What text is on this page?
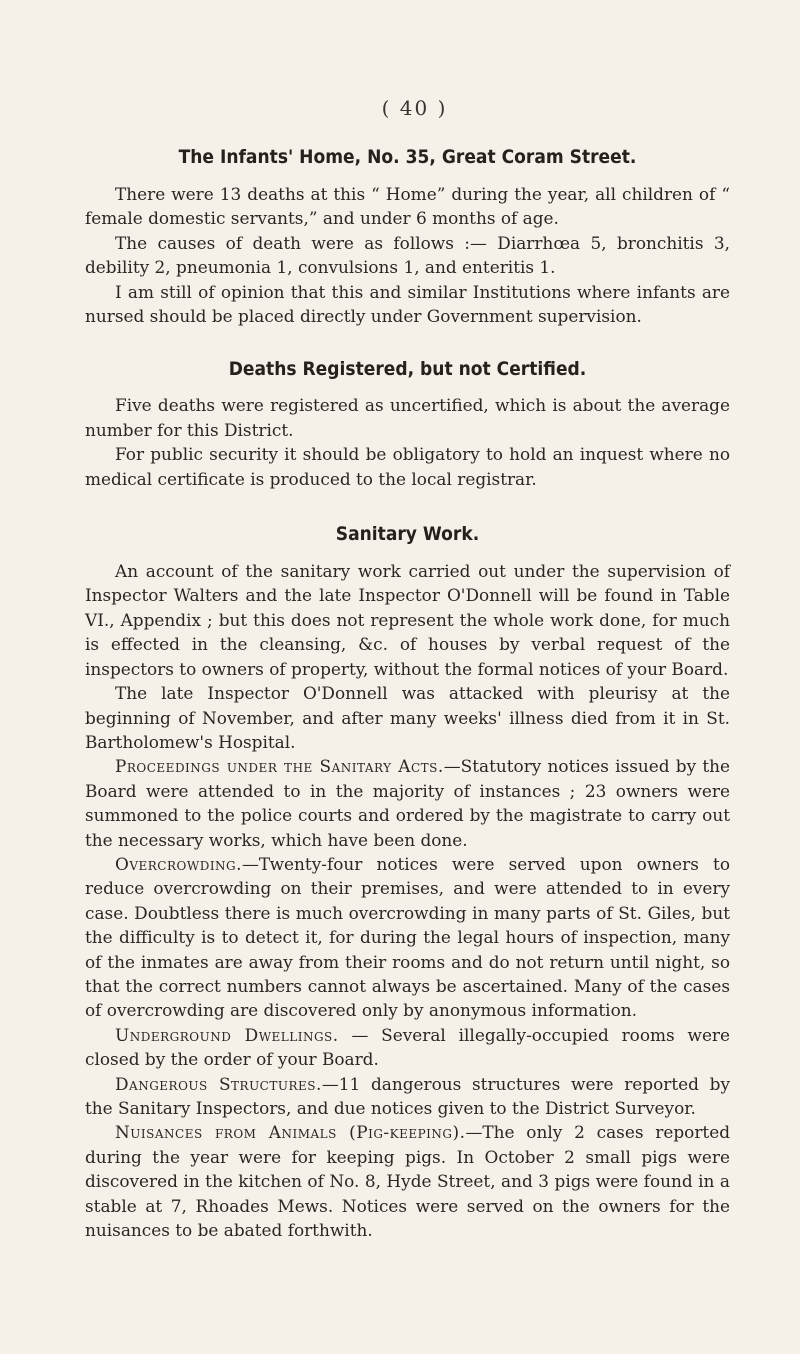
( 40 )
The Infants' Home, No. 35, Great Coram Street.

There were 13 deaths at this “ Home” during the year, all children of “ female domestic servants,” and under 6 months of age.

The causes of death were as follows :— Diarrhœa 5, bronchitis 3, debility 2, pneumonia 1, convulsions 1, and enteritis 1.

I am still of opinion that this and similar Institutions where infants are nursed should be placed directly under Government supervision.

Deaths Registered, but not Certified.

Five deaths were registered as uncertified, which is about the average number for this District.

For public security it should be obligatory to hold an inquest where no medical certificate is produced to the local registrar.

Sanitary Work.

An account of the sanitary work carried out under the supervision of Inspector Walters and the late Inspector O'Donnell will be found in Table VI., Appendix ; but this does not represent the whole work done, for much is effected in the cleansing, &c. of houses by verbal request of the inspectors to owners of property, without the formal notices of your Board.

The late Inspector O'Donnell was attacked with pleurisy at the beginning of November, and after many weeks' illness died from it in St. Bartholomew's Hospital.

Proceedings under the Sanitary Acts.—Statutory notices issued by the Board were attended to in the majority of instances ; 23 owners were summoned to the police courts and ordered by the magistrate to carry out the necessary works, which have been done.

Overcrowding.—Twenty-four notices were served upon owners to reduce overcrowding on their premises, and were attended to in every case. Doubtless there is much overcrowding in many parts of St. Giles, but the difficulty is to detect it, for during the legal hours of inspection, many of the inmates are away from their rooms and do not return until night, so that the correct numbers cannot always be ascertained. Many of the cases of overcrowding are discovered only by anonymous information.

Underground Dwellings. — Several illegally-occupied rooms were closed by the order of your Board.

Dangerous Structures.—11 dangerous structures were reported by the Sanitary Inspectors, and due notices given to the District Surveyor.

Nuisances from Animals (Pig-keeping).—The only 2 cases reported during the year were for keeping pigs. In October 2 small pigs were discovered in the kitchen of No. 8, Hyde Street, and 3 pigs were found in a stable at 7, Rhoades Mews. Notices were served on the owners for the nuisances to be abated forthwith.
